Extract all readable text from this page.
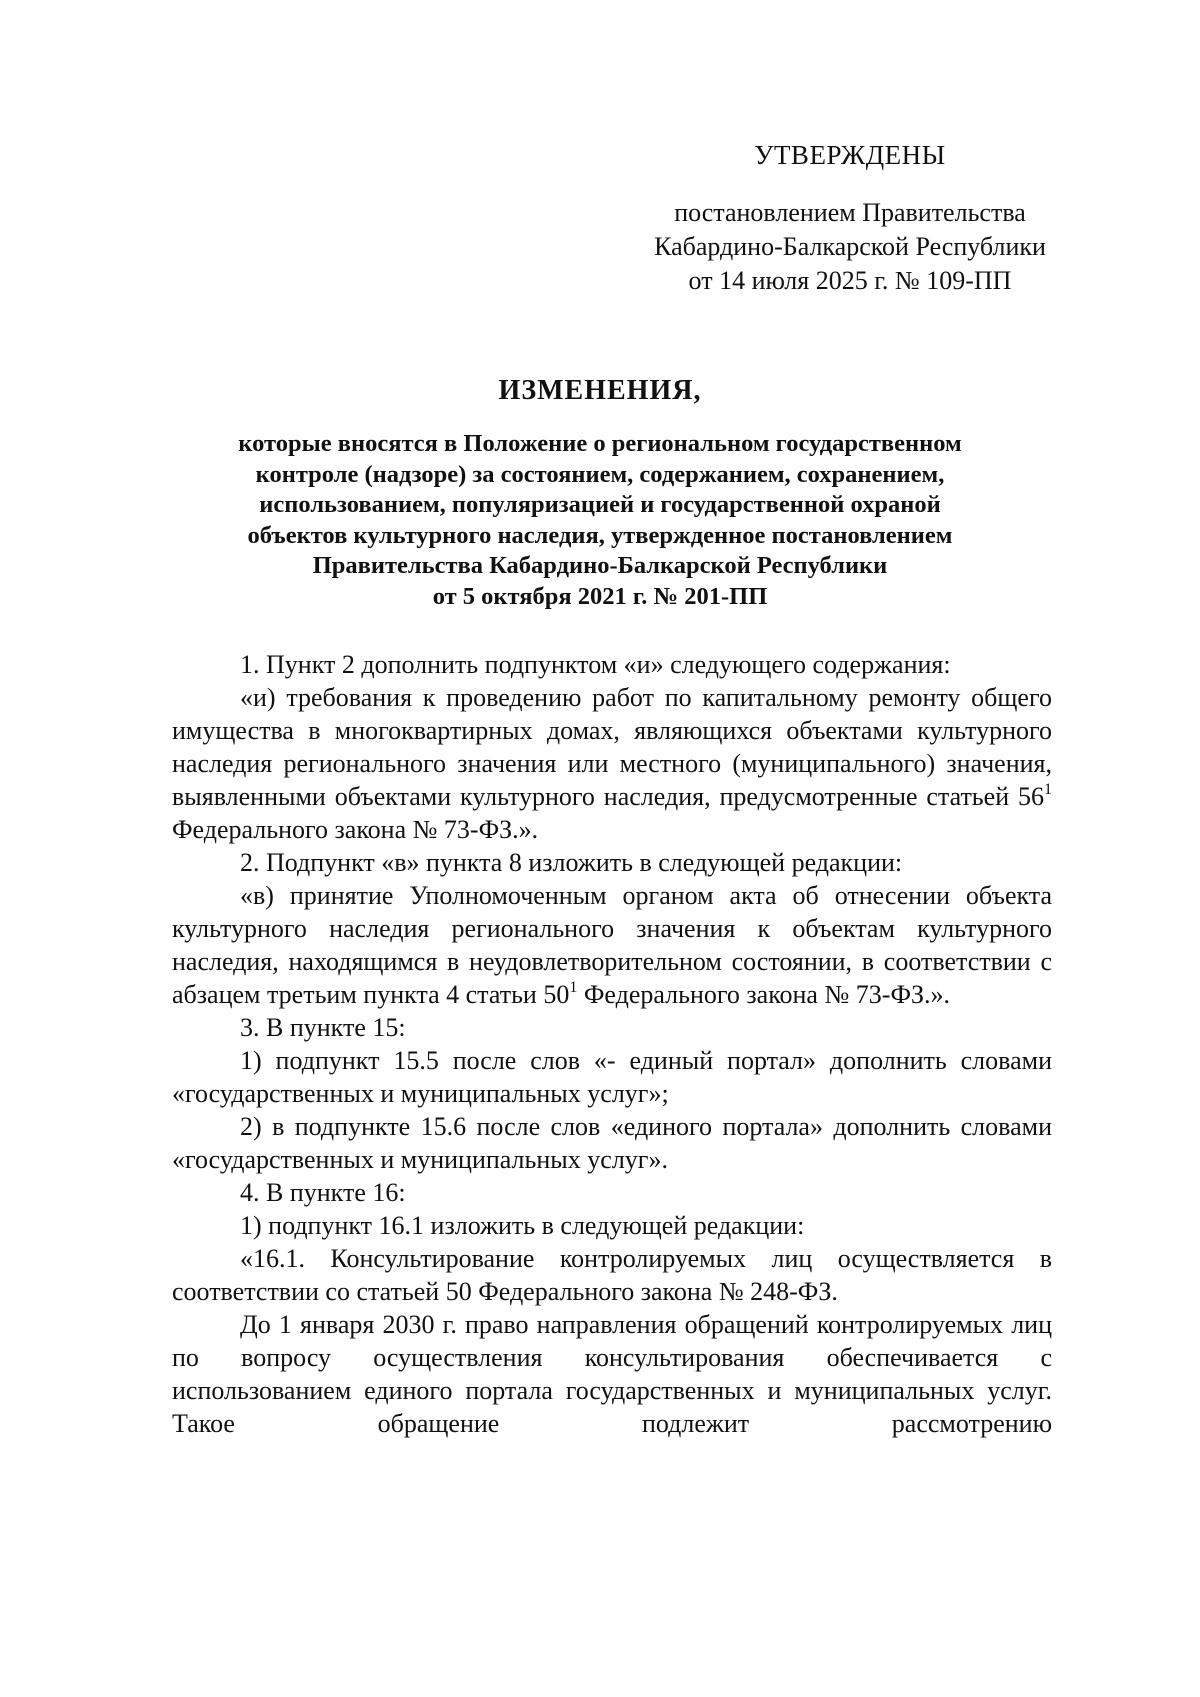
УТВЕРЖДЕНЫ
постановлением Правительства
Кабардино-Балкарской Республики
от 14 июля 2025 г. № 109-ПП
ИЗМЕНЕНИЯ,
которые вносятся в Положение о региональном государственном
контроле (надзоре) за состоянием, содержанием, сохранением,
использованием, популяризацией и государственной охраной
объектов культурного наследия, утвержденное постановлением
Правительства Кабардино-Балкарской Республики
от 5 октября 2021 г. № 201-ПП

1. Пункт 2 дополнить подпунктом «и» следующего содержания:

«и) требования к проведению работ по капитальному ремонту общего имущества в многоквартирных домах, являющихся объектами культурного наследия регионального значения или местного (муниципального) значения, выявленными объектами культурного наследия, предусмотренные статьей $56^1$ Федерального закона № 73-ФЗ.».

2. Подпункт «в» пункта 8 изложить в следующей редакции:

«в) принятие Уполномоченным органом акта об отнесении объекта культурного наследия регионального значения к объектам культурного наследия, находящимся в неудовлетворительном состоянии, в соответствии с абзацем третьим пункта 4 статьи $50^1$ Федерального закона № 73-ФЗ.».

3. В пункте 15:

1) подпункт 15.5 после слов «- единый портал» дополнить словами «государственных и муниципальных услуг»;

2) в подпункте 15.6 после слов «единого портала» дополнить словами «государственных и муниципальных услуг».

4. В пункте 16:

1) подпункт 16.1 изложить в следующей редакции:

«16.1. Консультирование контролируемых лиц осуществляется в соответствии со статьей 50 Федерального закона № 248-ФЗ.

До 1 января 2030 г. право направления обращений контролируемых лиц по вопросу осуществления консультирования обеспечивается с использованием единого портала государственных и муниципальных услуг. Такое обращение подлежит рассмотрению
